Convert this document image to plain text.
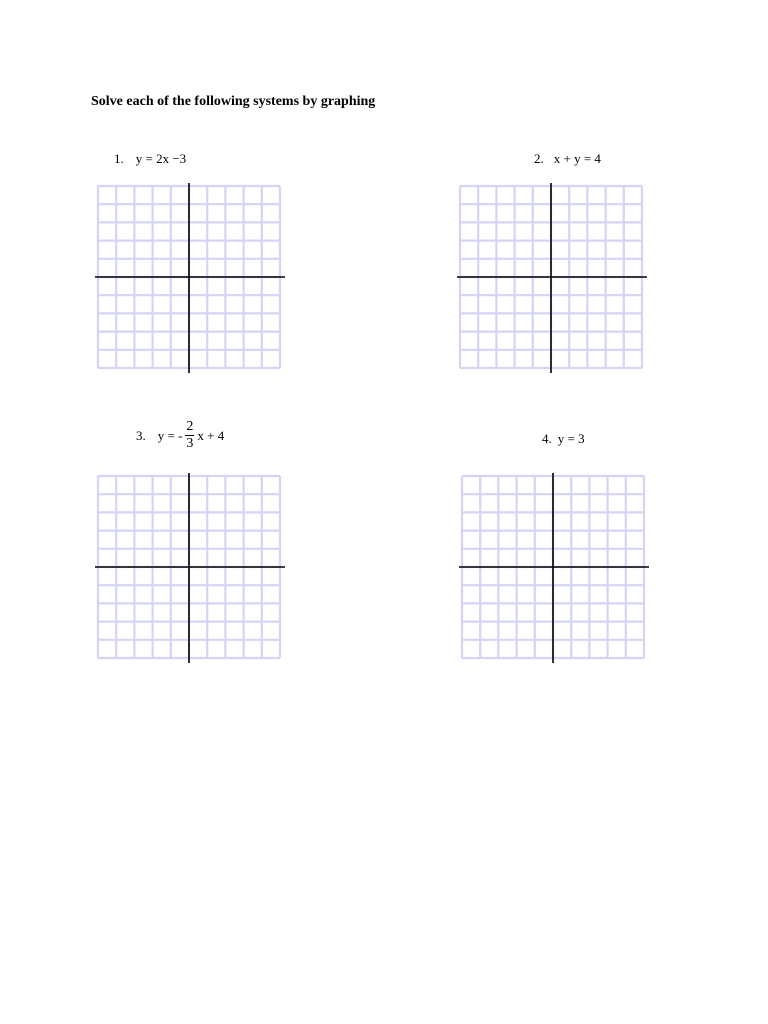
Solve each of the following systems by graphing
1. y = 2x −3	2. x + y = 4
3. y = - $\frac{2}{3}$ x + 4	4. y = 3
